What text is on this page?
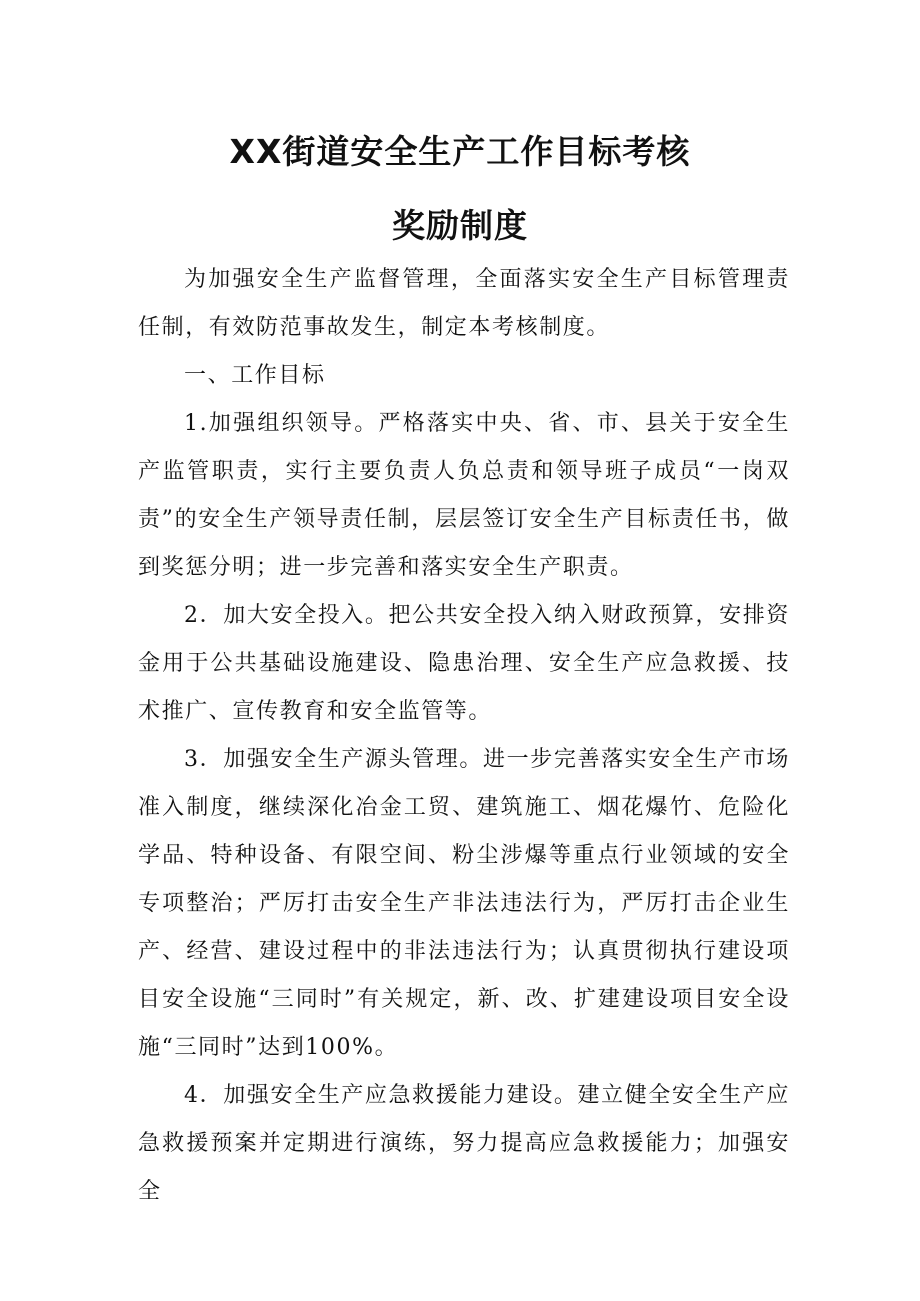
XX街道安全生产工作目标考核
奖励制度

为加强安全生产监督管理，全面落实安全生产目标管理责任制，有效防范事故发生，制定本考核制度。

一、工作目标

1.加强组织领导。严格落实中央、省、市、县关于安全生产监管职责，实行主要负责人负总责和领导班子成员“一岗双责”的安全生产领导责任制，层层签订安全生产目标责任书，做到奖惩分明；进一步完善和落实安全生产职责。

2．加大安全投入。把公共安全投入纳入财政预算，安排资金用于公共基础设施建设、隐患治理、安全生产应急救援、技术推广、宣传教育和安全监管等。

3．加强安全生产源头管理。进一步完善落实安全生产市场准入制度，继续深化冶金工贸、建筑施工、烟花爆竹、危险化学品、特种设备、有限空间、粉尘涉爆等重点行业领域的安全专项整治；严厉打击安全生产非法违法行为，严厉打击企业生产、经营、建设过程中的非法违法行为；认真贯彻执行建设项目安全设施“三同时”有关规定，新、改、扩建建设项目安全设施“三同时”达到100%。

4．加强安全生产应急救援能力建设。建立健全安全生产应急救援预案并定期进行演练，努力提高应急救援能力；加强安全
